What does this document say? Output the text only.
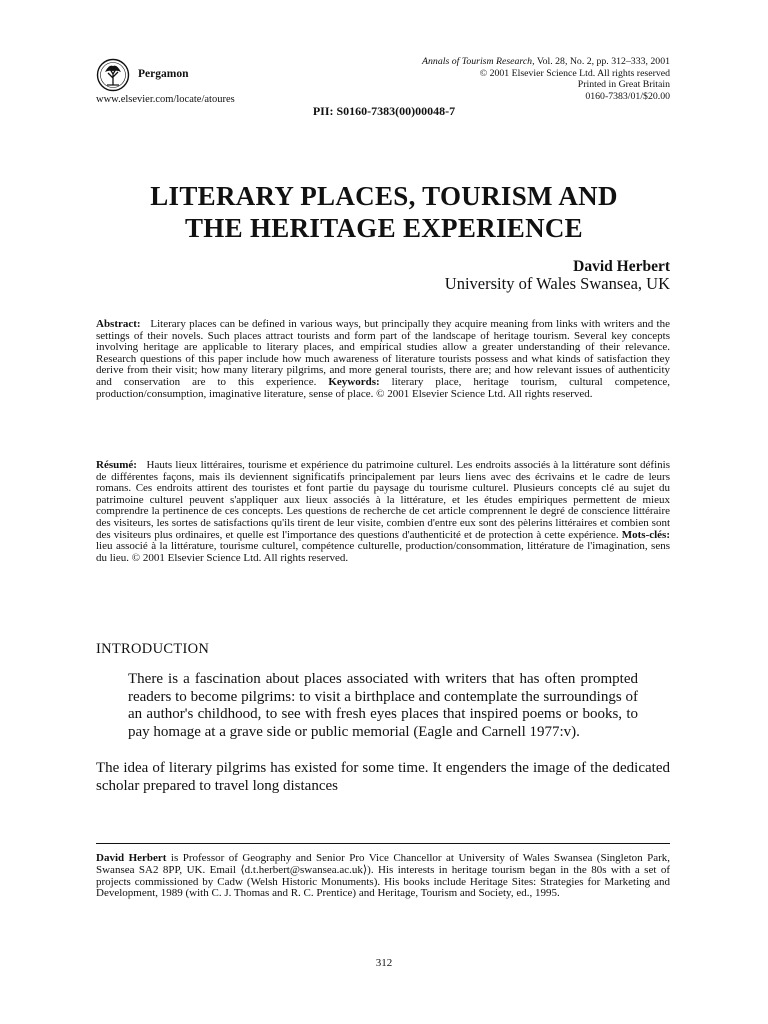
Pergamon
www.elsevier.com/locate/atoures
Annals of Tourism Research, Vol. 28, No. 2, pp. 312–333, 2001
© 2001 Elsevier Science Ltd. All rights reserved
Printed in Great Britain
0160-7383/01/$20.00
PII: S0160-7383(00)00048-7
LITERARY PLACES, TOURISM AND
THE HERITAGE EXPERIENCE
David Herbert
University of Wales Swansea, UK
Abstract: Literary places can be defined in various ways, but principally they acquire meaning from links with writers and the settings of their novels. Such places attract tourists and form part of the landscape of heritage tourism. Several key concepts involving heritage are applicable to literary places, and empirical studies allow a greater understanding of their relevance. Research questions of this paper include how much awareness of literature tourists possess and what kinds of satisfaction they derive from their visit; how many literary pilgrims, and more general tourists, there are; and how relevant issues of authenticity and conservation are to this experience. Keywords: literary place, heritage tourism, cultural competence, production/consumption, imaginative literature, sense of place. © 2001 Elsevier Science Ltd. All rights reserved.
Résumé: Hauts lieux littéraires, tourisme et expérience du patrimoine culturel. Les endroits associés à la littérature sont définis de différentes façons, mais ils deviennent significatifs principalement par leurs liens avec des écrivains et le cadre de leurs romans. Ces endroits attirent des touristes et font partie du paysage du tourisme culturel. Plusieurs concepts clé au sujet du patrimoine culturel peuvent s'appliquer aux lieux associés à la littérature, et les études empiriques permettent de mieux comprendre la pertinence de ces concepts. Les questions de recherche de cet article comprennent le degré de conscience littéraire des visiteurs, les sortes de satisfactions qu'ils tirent de leur visite, combien d'entre eux sont des pèlerins littéraires et combien sont des visiteurs plus ordinaires, et quelle est l'importance des questions d'authenticité et de protection à cette expérience. Mots-clés: lieu associé à la littérature, tourisme culturel, compétence culturelle, production/consommation, littérature de l'imagination, sens du lieu. © 2001 Elsevier Science Ltd. All rights reserved.
INTRODUCTION
There is a fascination about places associated with writers that has often prompted readers to become pilgrims: to visit a birthplace and contemplate the surroundings of an author's childhood, to see with fresh eyes places that inspired poems or books, to pay homage at a grave side or public memorial (Eagle and Carnell 1977:v).
The idea of literary pilgrims has existed for some time. It engenders the image of the dedicated scholar prepared to travel long distances
David Herbert is Professor of Geography and Senior Pro Vice Chancellor at University of Wales Swansea (Singleton Park, Swansea SA2 8PP, UK. Email ⟨d.t.herbert@swansea.ac.uk⟩). His interests in heritage tourism began in the 80s with a set of projects commissioned by Cadw (Welsh Historic Monuments). His books include Heritage Sites: Strategies for Marketing and Development, 1989 (with C. J. Thomas and R. C. Prentice) and Heritage, Tourism and Society, ed., 1995.
312
